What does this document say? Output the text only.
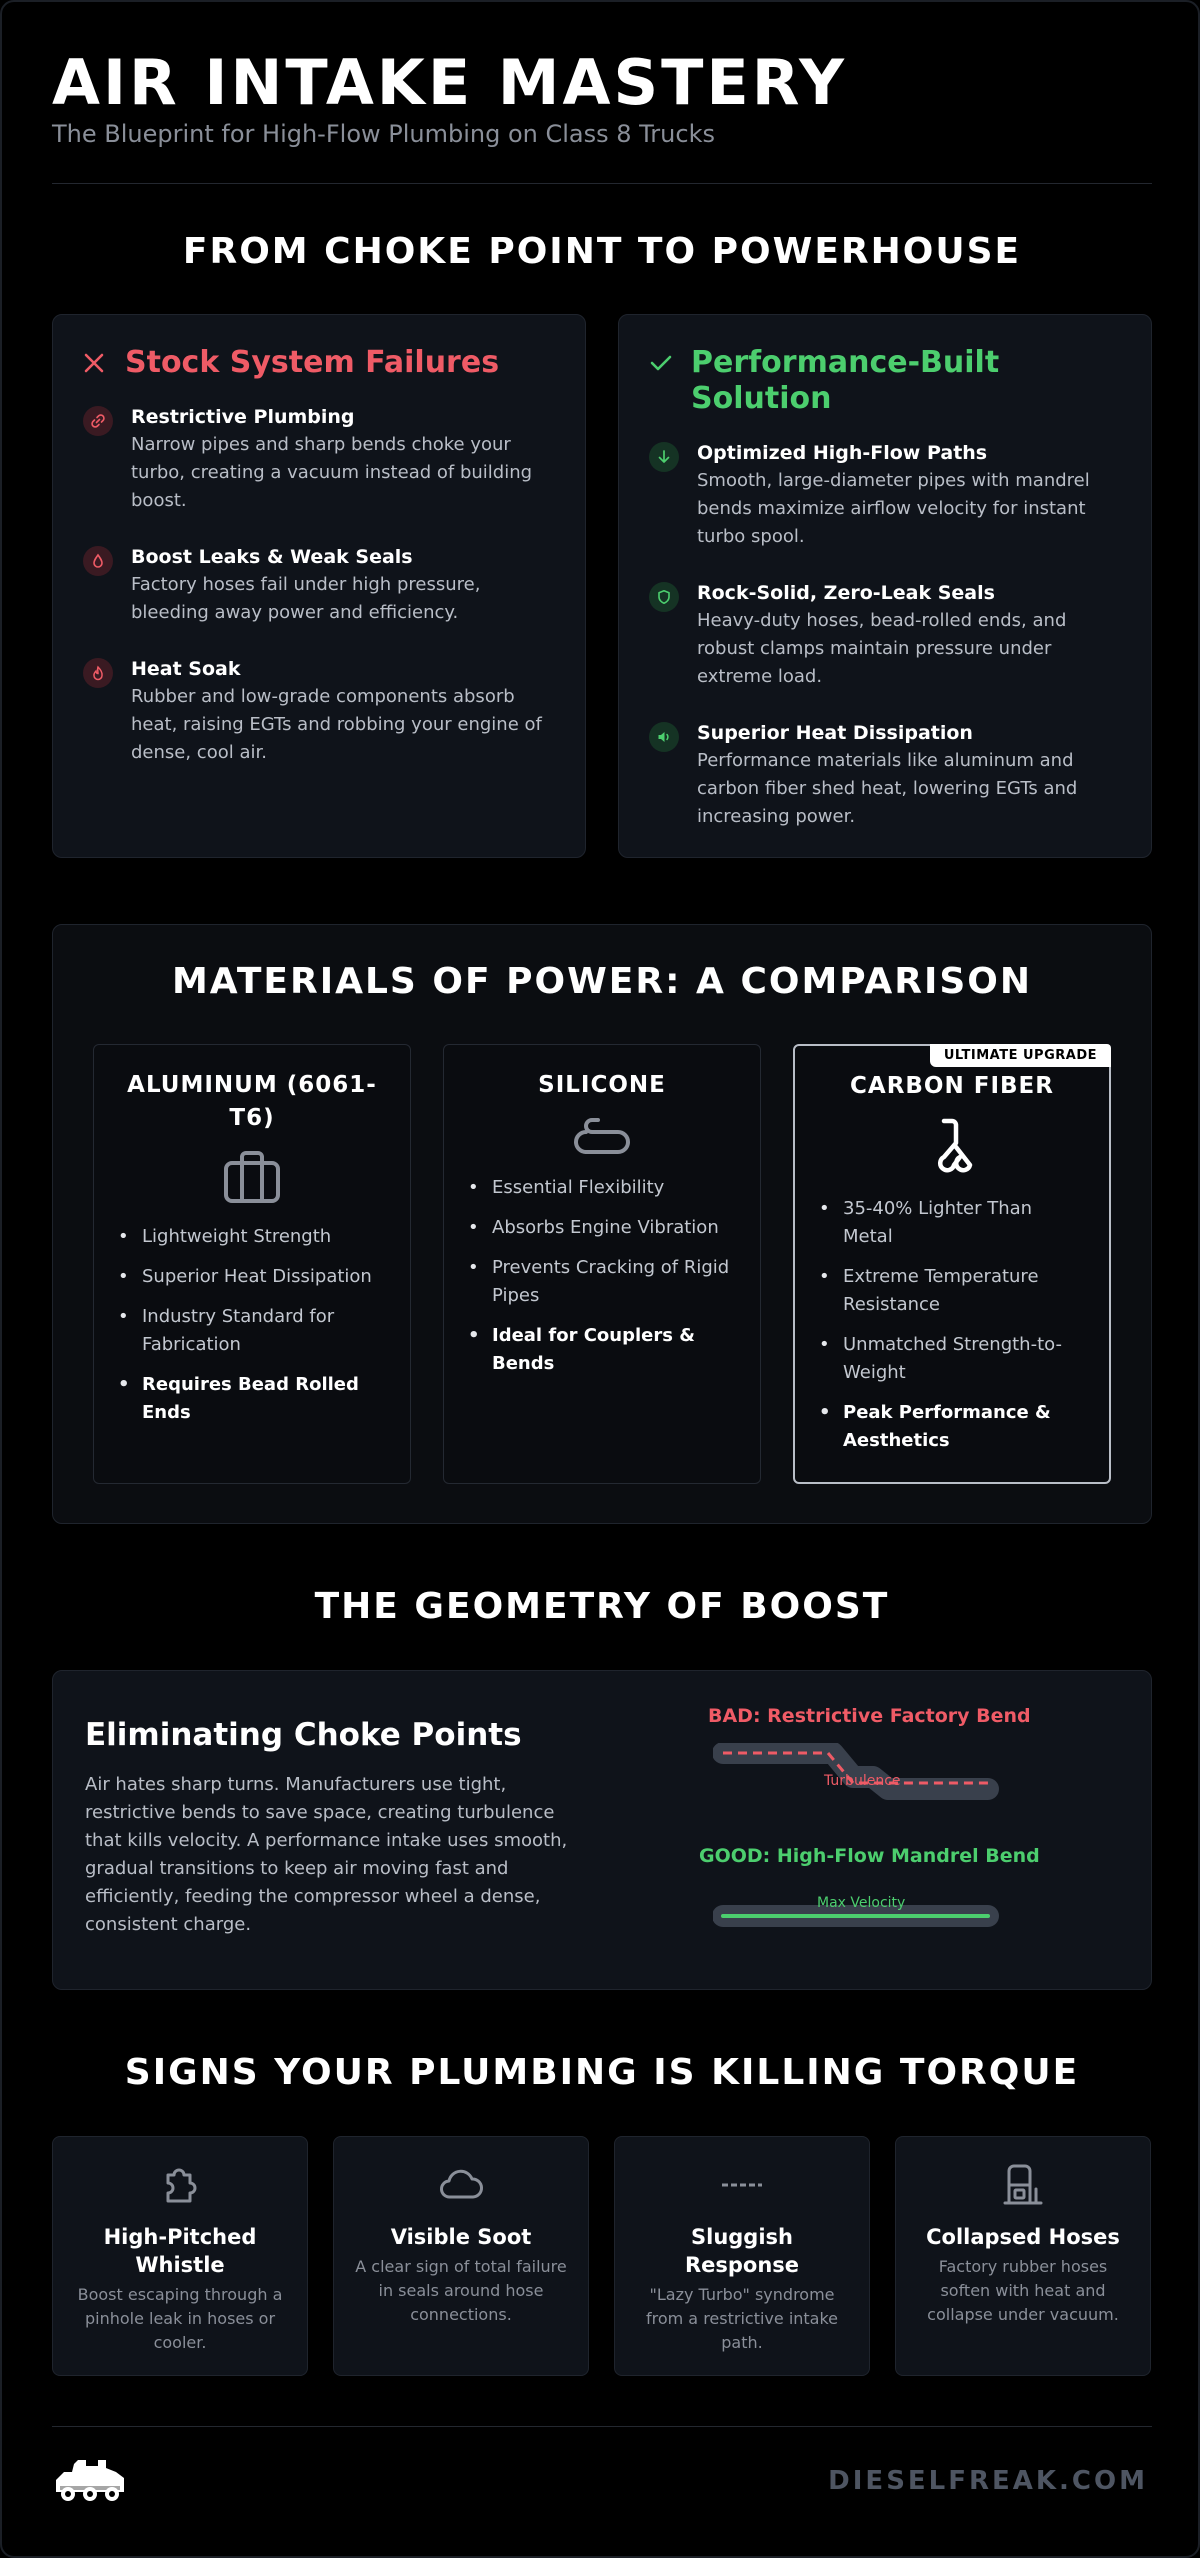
AIR INTAKE MASTERY
The Blueprint for High-Flow Plumbing on Class 8 Trucks
FROM CHOKE POINT TO POWERHOUSE
Stock System Failures
Restrictive Plumbing
Narrow pipes and sharp bends choke your turbo, creating a vacuum instead of building boost.
Boost Leaks & Weak Seals
Factory hoses fail under high pressure, bleeding away power and efficiency.
Heat Soak
Rubber and low-grade components absorb heat, raising EGTs and robbing your engine of dense, cool air.
Performance-Built Solution
Optimized High-Flow Paths
Smooth, large-diameter pipes with mandrel bends maximize airflow velocity for instant turbo spool.
Rock-Solid, Zero-Leak Seals
Heavy-duty hoses, bead-rolled ends, and robust clamps maintain pressure under extreme load.
Superior Heat Dissipation
Performance materials like aluminum and carbon fiber shed heat, lowering EGTs and increasing power.
MATERIALS OF POWER: A COMPARISON
ALUMINUM (6061-T6)
• Lightweight Strength
• Superior Heat Dissipation
• Industry Standard for Fabrication
• Requires Bead Rolled Ends
SILICONE
• Essential Flexibility
• Absorbs Engine Vibration
• Prevents Cracking of Rigid Pipes
• Ideal for Couplers & Bends
ULTIMATE UPGRADE
CARBON FIBER
• 35-40% Lighter Than Metal
• Extreme Temperature Resistance
• Unmatched Strength-to-Weight
• Peak Performance & Aesthetics
THE GEOMETRY OF BOOST
Eliminating Choke Points
Air hates sharp turns. Manufacturers use tight, restrictive bends to save space, creating turbulence that kills velocity. A performance intake uses smooth, gradual transitions to keep air moving fast and efficiently, feeding the compressor wheel a dense, consistent charge.
BAD: Restrictive Factory Bend
Turbulence
GOOD: High-Flow Mandrel Bend
Max Velocity
SIGNS YOUR PLUMBING IS KILLING TORQUE
High-Pitched Whistle
Boost escaping through a pinhole leak in hoses or cooler.
Visible Soot
A clear sign of total failure in seals around hose connections.
Sluggish Response
"Lazy Turbo" syndrome from a restrictive intake path.
Collapsed Hoses
Factory rubber hoses soften with heat and collapse under vacuum.
DIESELFREAK.COM
